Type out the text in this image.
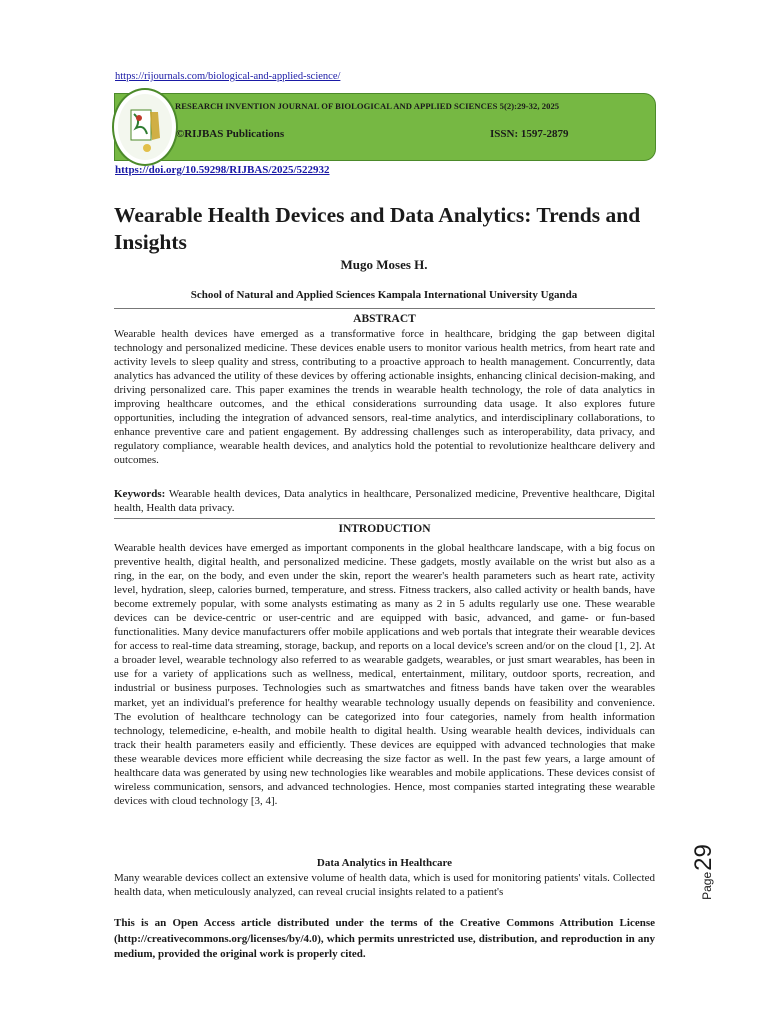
https://rijournals.com/biological-and-applied-science/
RESEARCH INVENTION JOURNAL OF BIOLOGICAL AND APPLIED SCIENCES 5(2):29-32, 2025
©RIJBAS Publications	ISSN: 1597-2879
https://doi.org/10.59298/RIJBAS/2025/522932
Wearable Health Devices and Data Analytics: Trends and Insights
Mugo Moses H.
School of Natural and Applied Sciences Kampala International University Uganda
ABSTRACT

Wearable health devices have emerged as a transformative force in healthcare, bridging the gap between digital technology and personalized medicine. These devices enable users to monitor various health metrics, from heart rate and activity levels to sleep quality and stress, contributing to a proactive approach to health management. Concurrently, data analytics has advanced the utility of these devices by offering actionable insights, enhancing clinical decision-making, and driving personalized care. This paper examines the trends in wearable health technology, the role of data analytics in improving healthcare outcomes, and the ethical considerations surrounding data usage. It also explores future opportunities, including the integration of advanced sensors, real-time analytics, and interdisciplinary collaborations, to enhance preventive care and patient engagement. By addressing challenges such as interoperability, data privacy, and regulatory compliance, wearable health devices, and analytics hold the potential to revolutionize healthcare delivery and outcomes.

Keywords: Wearable health devices, Data analytics in healthcare, Personalized medicine, Preventive healthcare, Digital health, Health data privacy.

INTRODUCTION

Wearable health devices have emerged as important components in the global healthcare landscape, with a big focus on preventive health, digital health, and personalized medicine. These gadgets, mostly available on the wrist but also as a ring, in the ear, on the body, and even under the skin, report the wearer's health parameters such as heart rate, activity level, hydration, sleep, calories burned, temperature, and stress. Fitness trackers, also called activity or health bands, have become extremely popular, with some analysts estimating as many as 2 in 5 adults regularly use one. These wearable devices can be device-centric or user-centric and are equipped with basic, advanced, and game- or fun-based functionalities. Many device manufacturers offer mobile applications and web portals that integrate their wearable devices for access to real-time data streaming, storage, backup, and reports on a local device's screen and/or on the cloud [1, 2]. At a broader level, wearable technology also referred to as wearable gadgets, wearables, or just smart wearables, has been in use for a variety of applications such as wellness, medical, entertainment, military, outdoor sports, recreation, and industrial or business purposes. Technologies such as smartwatches and fitness bands have taken over the wearables market, yet an individual's preference for healthy wearable technology usually depends on feasibility and convenience. The evolution of healthcare technology can be categorized into four categories, namely from health information technology, telemedicine, e-health, and mobile health to digital health. Using wearable health devices, individuals can track their health parameters easily and efficiently. These devices are equipped with advanced technologies that make these wearable devices more efficient while decreasing the size factor as well. In the past few years, a large amount of healthcare data was generated by using new technologies like wearables and mobile applications. These devices consist of wireless communication, sensors, and advanced technologies. Hence, most companies started integrating these wearable devices with cloud technology [3, 4].

Data Analytics in Healthcare

Many wearable devices collect an extensive volume of health data, which is used for monitoring patients' vitals. Collected health data, when meticulously analyzed, can reveal crucial insights related to a patient's

This is an Open Access article distributed under the terms of the Creative Commons Attribution License (http://creativecommons.org/licenses/by/4.0), which permits unrestricted use, distribution, and reproduction in any medium, provided the original work is properly cited.

Page
29
